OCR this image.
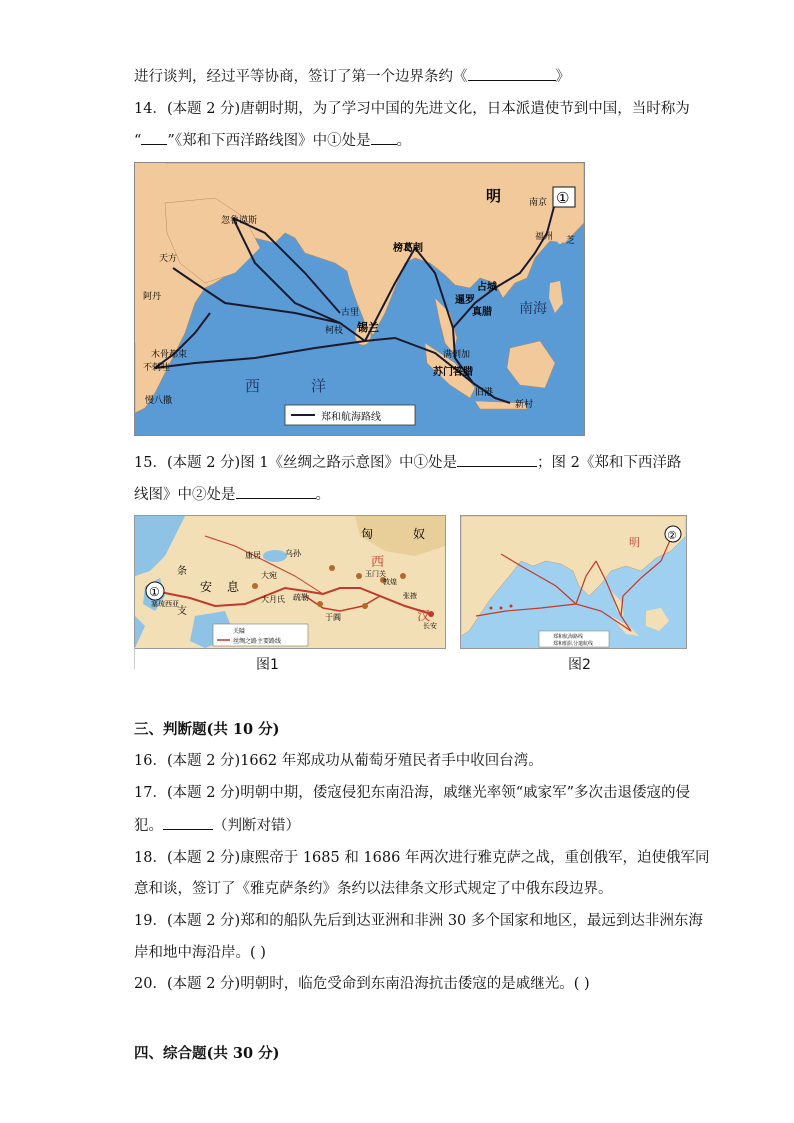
进行谈判，经过平等协商，签订了第一个边界条约《	》
14．(本题 2 分)唐朝时期，为了学习中国的先进文化，日本派遣使节到中国，当时称为
“ ”《郑和下西洋路线图》中①处是 。
明	①
南京
福州 芝
忽鲁谟斯
天方
阿丹
古里
柯枝 锡兰
榜葛剌
暹罗
占城
真腊 南海
满剌加
苏门答腊
旧港
新村
木骨都束
不剌哇
慢八撒
西	洋
郑和航海路线
15．(本题 2 分)图 1《丝绸之路示意图》中①处是	；图 2《郑和下西洋路
线图》中②处是	。
①
匈	奴
西
汉
康居
大宛
乌孙
玉门关
敦煌
张掖
长安
大月氏 疏勒
于阗
安 息
条
支
塞琉西亚
关隘
丝绸之路主要路线
图1
②
明
郑和航海路线
郑和船队分遣航线
图2
三、判断题(共 10 分)
16．(本题 2 分)1662 年郑成功从葡萄牙殖民者手中收回台湾。
17．(本题 2 分)明朝中期，倭寇侵犯东南沿海，戚继光率领“戚家军”多次击退倭寇的侵
犯。	（判断对错）
18．(本题 2 分)康熙帝于 1685 和 1686 年两次进行雅克萨之战，重创俄军，迫使俄军同
意和谈，签订了《雅克萨条约》条约以法律条文形式规定了中俄东段边界。
19．(本题 2 分)郑和的船队先后到达亚洲和非洲 30 多个国家和地区，最远到达非洲东海
岸和地中海沿岸。( )
20．(本题 2 分)明朝时，临危受命到东南沿海抗击倭寇的是戚继光。( )
四、综合题(共 30 分)
